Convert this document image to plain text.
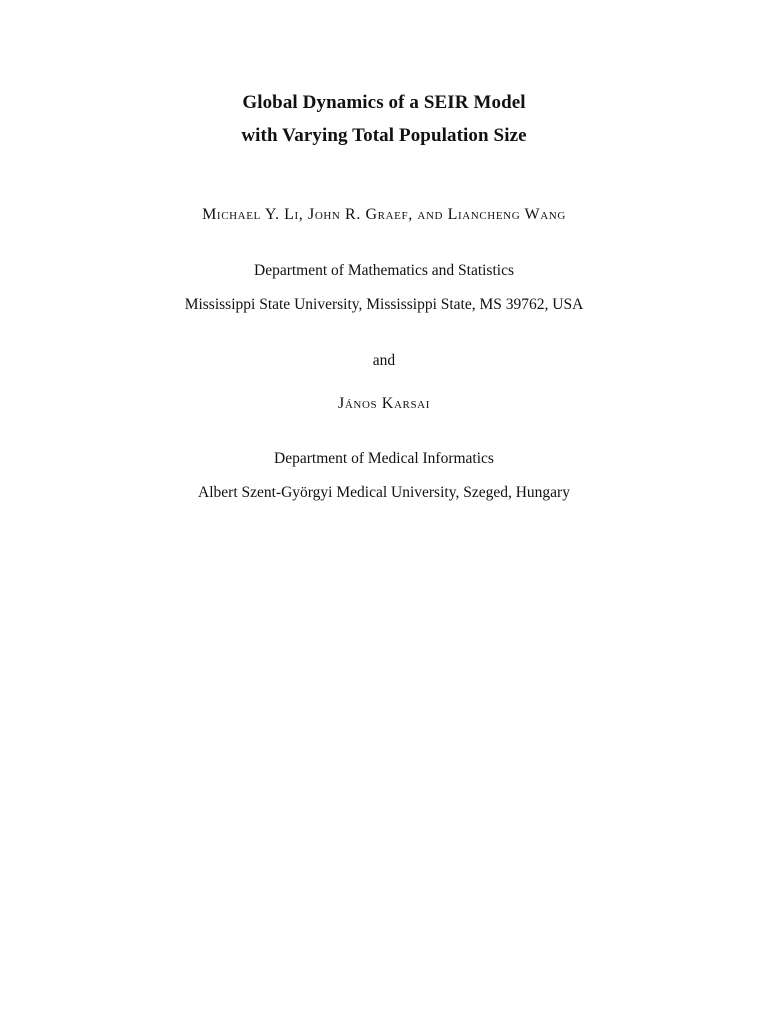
Global Dynamics of a SEIR Model
with Varying Total Population Size
Michael Y. Li, John R. Graef, and Liancheng Wang
Department of Mathematics and Statistics
Mississippi State University, Mississippi State, MS 39762, USA
and
János Karsai
Department of Medical Informatics
Albert Szent-Györgyi Medical University, Szeged, Hungary
